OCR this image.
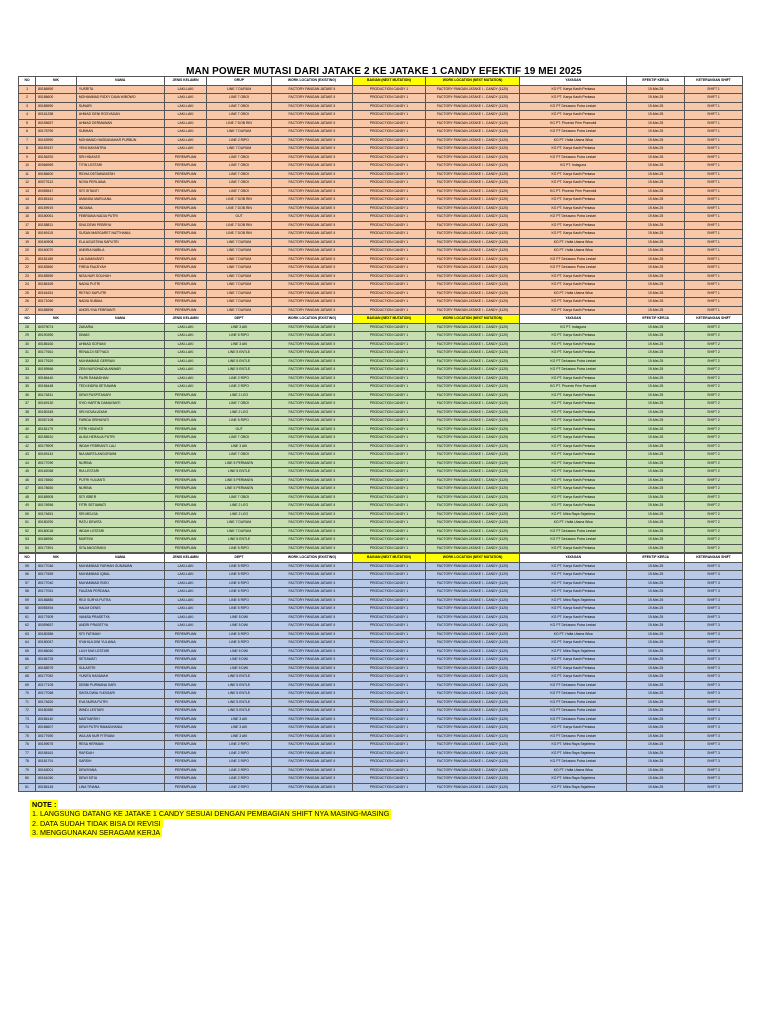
MAN POWER MUTASI DARI JATAKE 2 KE JATAKE 1 CANDY EFEKTIF 19 MEI 2025
NO	NIK	NAMA	JENIS KELAMIN	GRUP	WORK LOCATION (EXISTING)	BAGIAN (NEXT MUTATION)	WORK LOCATION (NEXT MUTATION)	YAYASAN	EFEKTIF KERJA	KETERANGAN SHIFT
1	80186590	YUSRITA	LAKI-LAKI	LINE 7 DURUM	FACTORY PANGAN JATAKE II	PRODUCTION CANDY 1	FACTORY PANGAN JATAKE I - CANDY (1120)	KG PT. Karya Kasih Perkasa	19-Mei-25	SHIFT 1
2	80186600	MOHAMMAD RIZKY DAVA WIBOWO	LAKI-LAKI	LINE 7 OBOI	FACTORY PANGAN JATAKE II	PRODUCTION CANDY 1	FACTORY PANGAN JATAKE I - CANDY (1120)	KG PT. Karya Kasih Perkasa	19-Mei-25	SHIFT 1
3	80186590	SUNARI	LAKI-LAKI	LINE 7 OBOI	FACTORY PANGAN JATAKE II	PRODUCTION CANDY 1	FACTORY PANGAN JATAKE I - CANDY (1120)	KG PT Delusano Putra Lestari	19-Mei-25	SHIFT 1
4	80161258	AHMAD DENI ROSYADAN	LAKI-LAKI	LINE 7 OBOI	FACTORY PANGAN JATAKE II	PRODUCTION CANDY 1	FACTORY PANGAN JATAKE I - CANDY (1120)	KG PT. Karya Kasih Perkasa	19-Mei-25	SHIFT 1
5	80155657	AHMAD DERMAWAN	LAKI-LAKI	LINE 7 DOB RIN	FACTORY PANGAN JATAKE II	PRODUCTION CANDY 1	FACTORY PANGAN JATAKE I - CANDY (1120)	KG PT. Phoenix Prim Pramukti	19-Mei-25	SHIFT 1
6	80178790	SUBHAN	LAKI-LAKI	LINE 7 DURUM	FACTORY PANGAN JATAKE II	PRODUCTION CANDY 1	FACTORY PANGAN JATAKE I - CANDY (1120)	KG PT Delusano Putra Lestari	19-Mei-25	SHIFT 1
7	80153990	MOHAMAD HASBUNAHAR PURBUN	LAKI-LAKI	LINE 2 RIPO	FACTORY PANGAN JATAKE II	PRODUCTION CANDY 1	FACTORY PANGAN JATAKE I - CANDY (1120)	KG PT. Hafia Utama Wisa	19-Mei-25	SHIFT 1
8	80159157	YENI MAYANTRA	LAKI-LAKI	LINE 7 DURUM	FACTORY PANGAN JATAKE II	PRODUCTION CANDY 1	FACTORY PANGAN JATAKE I - CANDY (1120)	KG PT. Karya Kasih Perkasa	19-Mei-25	SHIFT 1
9	80156292	SRI HIDAYATI	PEREMPUAN	LINE 7 OBOI	FACTORY PANGAN JATAKE II	PRODUCTION CANDY 1	FACTORY PANGAN JATAKE I - CANDY (1120)	KG PT Delusano Putra Lestari	19-Mei-25	SHIFT 1
10	80066969	TITIN LESTARI	PEREMPUAN	LINE 7 OBOI	FACTORY PANGAN JATAKE II	PRODUCTION CANDY 1	FACTORY PANGAN JATAKE I - CANDY (1120)	KG PT. Indaguna	19-Mei-25	SHIFT 1
11	80186600	RIDHA DETAWANGSIH	PEREMPUAN	LINE 7 OBOI	FACTORY PANGAN JATAKE II	PRODUCTION CANDY 1	FACTORY PANGAN JATAKE I - CANDY (1120)	KG PT. Karya Kasih Perkasa	19-Mei-25	SHIFT 1
12	80077612	NOVA PERLIANA	PEREMPUAN	LINE 7 OBOI	FACTORY PANGAN JATAKE II	PRODUCTION CANDY 1	FACTORY PANGAN JATAKE I - CANDY (1120)	KG PT. Karya Kasih Perkasa	19-Mei-25	SHIFT 1
13	80055547	SITI SITANTI	PEREMPUAN	LINE 7 OBOI	FACTORY PANGAN JATAKE II	PRODUCTION CANDY 1	FACTORY PANGAN JATAKE I - CANDY (1120)	KG PT. Phoenix Prim Pramukti	19-Mei-25	SHIFT 1
14	80185161	AMANDA MARLIANA	PEREMPUAN	LINE 7 DOB RIN	FACTORY PANGAN JATAKE II	PRODUCTION CANDY 1	FACTORY PANGAN JATAKE I - CANDY (1120)	KG PT. Karya Kasih Perkasa	19-Mei-25	SHIFT 1
15	80159919	INDIANA	PEREMPUAN	LINE 7 DOB RIN	FACTORY PANGAN JATAKE II	PRODUCTION CANDY 1	FACTORY PANGAN JATAKE I - CANDY (1120)	KG PT. Karya Kasih Perkasa	19-Mei-25	SHIFT 1
16	80180061	FEBRIANA NADIA PUTRI	PEREMPUAN	GUT	FACTORY PANGAN JATAKE II	PRODUCTION CANDY 1	FACTORY PANGAN JATAKE I - CANDY (1120)	KG PT Delusano Putra Lestari	19-Mei-25	SHIFT 1
17	80158811	SIVA DEWI PEBRIYA	PEREMPUAN	LINE 7 DOB RIN	FACTORY PANGAN JATAKE II	PRODUCTION CANDY 1	FACTORY PANGAN JATAKE I - CANDY (1120)	KG PT. Karya Kasih Perkasa	19-Mei-25	SHIFT 1
18	80169115	SUSAN MARGARET NATTHANIA	PEREMPUAN	LINE 7 DOB RIN	FACTORY PANGAN JATAKE II	PRODUCTION CANDY 1	FACTORY PANGAN JATAKE I - CANDY (1120)	KG PT. Karya Kasih Perkasa	19-Mei-25	SHIFT 1
19	80160908	ELA AGUSTINA SAPUTRI	PEREMPUAN	LINE 7 DURUM	FACTORY PANGAN JATAKE II	PRODUCTION CANDY 1	FACTORY PANGAN JATAKE I - CANDY (1120)	KG PT. Hafia Utama Wisa	19-Mei-25	SHIFT 1
20	80160070	ANDRIA NABILA	PEREMPUAN	LINE 7 DURUM	FACTORY PANGAN JATAKE II	PRODUCTION CANDY 1	FACTORY PANGAN JATAKE I - CANDY (1120)	KG PT. Hafia Utama Wisa	19-Mei-25	SHIFT 1
21	80181185	LIA DAMAYANTI	PEREMPUAN	LINE 7 DURUM	FACTORY PANGAN JATAKE II	PRODUCTION CANDY 1	FACTORY PANGAN JATAKE I - CANDY (1120)	KG PT Delusano Putra Lestari	19-Mei-25	SHIFT 1
22	80183560	FIRDA FAUZIYAH	PEREMPUAN	LINE 7 DURUM	FACTORY PANGAN JATAKE II	PRODUCTION CANDY 1	FACTORY PANGAN JATAKE I - CANDY (1120)	KG PT Delusano Putra Lestari	19-Mei-25	SHIFT 1
23	80185590	NISA NUR SOLIHAH	PEREMPUAN	LINE 7 DURUM	FACTORY PANGAN JATAKE II	PRODUCTION CANDY 1	FACTORY PANGAN JATAKE I - CANDY (1120)	KG PT. Karya Kasih Perkasa	19-Mei-25	SHIFT 1
24	80186169	NADIA PUTRI	PEREMPUAN	LINE 7 DURUM	FACTORY PANGAN JATAKE II	PRODUCTION CANDY 1	FACTORY PANGAN JATAKE I - CANDY (1120)	KG PT. Karya Kasih Perkasa	19-Mei-25	SHIFT 1
25	80161651	RETNO SAPUTRI	PEREMPUAN	LINE 7 DURUM	FACTORY PANGAN JATAKE II	PRODUCTION CANDY 1	FACTORY PANGAN JATAKE I - CANDY (1120)	KG PT. Hafia Utama Wisa	19-Mei-25	SHIFT 1
26	80171060	NADIA SUBAIA	PEREMPUAN	LINE 7 DURUM	FACTORY PANGAN JATAKE II	PRODUCTION CANDY 1	FACTORY PANGAN JATAKE I - CANDY (1120)	KG PT. Karya Kasih Perkasa	19-Mei-25	SHIFT 1
27	80186596	ANGELYNA FEBRIANTI	PEREMPUAN	LINE 7 DURUM	FACTORY PANGAN JATAKE II	PRODUCTION CANDY 1	FACTORY PANGAN JATAKE I - CANDY (1120)	KG PT. Karya Kasih Perkasa	19-Mei-25	SHIFT 1
NO	NIK	NAMA	JENIS KELAMIN	DEPT	WORK LOCATION (EXISTING)	BAGIAN (NEXT MUTATION)	WORK LOCATION (NEXT MUTATION)	YAYASAN	EFEKTIF KERJA	KETERANGAN SHIFT
28	80079074	ZAKARIA	LAKI-LAKI	LINE 3 AKI	FACTORY PANGAN JATAKE II	PRODUCTION CANDY 1	FACTORY PANGAN JATAKE I - CANDY (1120)	KG PT. Indaguna	19-Mei-25	SHIFT 2
29	80190390	DIMAS	LAKI-LAKI	LINE 5 RIPO	FACTORY PANGAN JATAKE II	PRODUCTION CANDY 1	FACTORY PANGAN JATAKE I - CANDY (1120)	KG PT. Karya Kasih Perkasa	19-Mei-25	SHIFT 2
30	80186160	AHMAD SOFIANI	LAKI-LAKI	LINE 3 AKI	FACTORY PANGAN JATAKE II	PRODUCTION CANDY 1	FACTORY PANGAN JATAKE I - CANDY (1120)	KG PT. Karya Kasih Perkasa	19-Mei-25	SHIFT 2
31	80177661	RENALDI SETYADI	LAKI-LAKI	LINE 5 ENTLE	FACTORY PANGAN JATAKE II	PRODUCTION CANDY 1	FACTORY PANGAN JATAKE I - CANDY (1120)	KG PT. Karya Kasih Perkasa	19-Mei-25	SHIFT 2
32	80177620	MUHAMMAD GERRAN	LAKI-LAKI	LINE 5 ENTLE	FACTORY PANGAN JATAKE II	PRODUCTION CANDY 1	FACTORY PANGAN JATAKE I - CANDY (1120)	KG PT Delusano Putra Lestari	19-Mei-25	SHIFT 2
33	80159566	ZEIN NUROHADIA ANWAR	LAKI-LAKI	LINE 5 ENTLE	FACTORY PANGAN JATAKE II	PRODUCTION CANDY 1	FACTORY PANGAN JATAKE I - CANDY (1120)	KG PT Delusano Putra Lestari	19-Mei-25	SHIFT 2
34	80186440	FAJRI RAMADHAN	LAKI-LAKI	LINE 2 RIPO	FACTORY PANGAN JATAKE II	PRODUCTION CANDY 1	FACTORY PANGAN JATAKE I - CANDY (1120)	KG PT. Karya Kasih Perkasa	19-Mei-25	SHIFT 2
35	80156448	TEDI INDRA SETIAWAN	LAKI-LAKI	LINE 2 RIPO	FACTORY PANGAN JATAKE II	PRODUCTION CANDY 1	FACTORY PANGAN JATAKE I - CANDY (1120)	KG PT. Phoenix Prim Pramukti	19-Mei-25	SHIFT 2
36	80174811	DEWI PUSPITASARI	PEREMPUAN	LINE 2 LEO	FACTORY PANGAN JATAKE II	PRODUCTION CANDY 1	FACTORY PANGAN JATAKE I - CANDY (1120)	KG PT. Karya Kasih Perkasa	19-Mei-25	SHIFT 2
37	80169130	SYID HARTIN DAMAYANTI	PEREMPUAN	LINE 7 OBOI	FACTORY PANGAN JATAKE II	PRODUCTION CANDY 1	FACTORY PANGAN JATAKE I - CANDY (1120)	KG PT. Karya Kasih Perkasa	19-Mei-25	SHIFT 2
38	80180345	SRI NOVALUDIAH	PEREMPUAN	LINE 2 LEO	FACTORY PANGAN JATAKE II	PRODUCTION CANDY 1	FACTORY PANGAN JATAKE I - CANDY (1120)	KG PT. Karya Kasih Perkasa	19-Mei-25	SHIFT 2
39	80057108	FARIDA SRIHAYATI	PEREMPUAN	LINE 5 RIPO	FACTORY PANGAN JATAKE II	PRODUCTION CANDY 1	FACTORY PANGAN JATAKE I - CANDY (1120)	KG PT. Karya Kasih Perkasa	19-Mei-25	SHIFT 2
40	80181179	FITRI HIDAYATI	PEREMPUAN	GUT	FACTORY PANGAN JATAKE II	PRODUCTION CANDY 1	FACTORY PANGAN JATAKE I - CANDY (1120)	KG PT. Karya Kasih Perkasa	19-Mei-25	SHIFT 2
41	80158510	ALIKA HERALIA PUTRI	PEREMPUAN	LINE 7 OBOI	FACTORY PANGAN JATAKE II	PRODUCTION CANDY 1	FACTORY PANGAN JATAKE I - CANDY (1120)	KG PT. Karya Kasih Perkasa	19-Mei-25	SHIFT 2
42	80179909	INDAH FEBRIANTI LAU	PEREMPUAN	LINE 3 AKI	FACTORY PANGAN JATAKE II	PRODUCTION CANDY 1	FACTORY PANGAN JATAKE I - CANDY (1120)	KG PT. Karya Kasih Perkasa	19-Mei-25	SHIFT 2
43	80169142	NIA MARTA ANGGRAINI	PEREMPUAN	LINE 7 OBOI	FACTORY PANGAN JATAKE II	PRODUCTION CANDY 1	FACTORY PANGAN JATAKE I - CANDY (1120)	KG PT. Karya Kasih Perkasa	19-Mei-25	SHIFT 2
44	80177090	NURINA	PEREMPUAN	LINE 5 PERMAEN	FACTORY PANGAN JATAKE II	PRODUCTION CANDY 1	FACTORY PANGAN JATAKE I - CANDY (1120)	KG PT. Karya Kasih Perkasa	19-Mei-25	SHIFT 2
45	80162068	RIA LESTARI	PEREMPUAN	LINE 5 ENTLE	FACTORY PANGAN JATAKE II	PRODUCTION CANDY 1	FACTORY PANGAN JATAKE I - CANDY (1120)	KG PT. Karya Kasih Perkasa	19-Mei-25	SHIFT 2
46	80176560	PUTRI YULIANTI	PEREMPUAN	LINE 5 PERMAEN	FACTORY PANGAN JATAKE II	PRODUCTION CANDY 1	FACTORY PANGAN JATAKE I - CANDY (1120)	KG PT. Karya Kasih Perkasa	19-Mei-25	SHIFT 2
47	80178650	NURINA	PEREMPUAN	LINE 5 PERMAEN	FACTORY PANGAN JATAKE II	PRODUCTION CANDY 1	FACTORY PANGAN JATAKE I - CANDY (1120)	KG PT. Karya Kasih Perkasa	19-Mei-25	SHIFT 2
48	80185905	SITI ISBER	PEREMPUAN	LINE 7 OBOI	FACTORY PANGAN JATAKE II	PRODUCTION CANDY 1	FACTORY PANGAN JATAKE I - CANDY (1120)	KG PT. Karya Kasih Perkasa	19-Mei-25	SHIFT 2
49	80176956	FITRI SETIAWATI	PEREMPUAN	LINE 2 LEO	FACTORY PANGAN JATAKE II	PRODUCTION CANDY 1	FACTORY PANGAN JATAKE I - CANDY (1120)	KG PT. Karya Kasih Perkasa	19-Mei-25	SHIFT 2
50	80174651	SRI MELISA	PEREMPUAN	LINE 2 LEO	FACTORY PANGAN JATAKE II	PRODUCTION CANDY 1	FACTORY PANGAN JATAKE I - CANDY (1120)	KG PT. Mitra Raya Sejahtera	19-Mei-25	SHIFT 2
51	80180290	RATU DEWITA	PEREMPUAN	LINE 7 DURUM	FACTORY PANGAN JATAKE II	PRODUCTION CANDY 1	FACTORY PANGAN JATAKE I - CANDY (1120)	KG PT. Hafia Utama Wisa	19-Mei-25	SHIFT 2
52	80180018	INDAH LESTARI	PEREMPUAN	LINE 7 DURUM	FACTORY PANGAN JATAKE II	PRODUCTION CANDY 1	FACTORY PANGAN JATAKE I - CANDY (1120)	KG PT Delusano Putra Lestari	19-Mei-25	SHIFT 2
53	80186950	MURTINI	PEREMPUAN	LINE 5 ENTLE	FACTORY PANGAN JATAKE II	PRODUCTION CANDY 1	FACTORY PANGAN JATAKE I - CANDY (1120)	KG PT Delusano Putra Lestari	19-Mei-25	SHIFT 2
54	80177891	SITA ANGGRAINI	PEREMPUAN	LINE 5 RIPO	FACTORY PANGAN JATAKE II	PRODUCTION CANDY 1	FACTORY PANGAN JATAKE I - CANDY (1120)	KG PT. Karya Kasih Perkasa	19-Mei-25	SHIFT 2
NO	NIK	NAMA	JENIS KELAMIN	DEPT	WORK LOCATION (EXISTING)	BAGIAN (NEXT MUTATION)	WORK LOCATION (NEXT MUTATION)	YAYASAN	EFEKTIF KERJA	KETERANGAN SHIFT
55	80177046	MUHAMMAD FARHAN GUNAWAN	LAKI-LAKI	LINE 5 RIPO	FACTORY PANGAN JATAKE II	PRODUCTION CANDY 1	FACTORY PANGAN JATAKE I - CANDY (1120)	KG PT. Karya Kasih Perkasa	19-Mei-25	SHIFT 3
56	80177659	MUHAMMAD IQBAL	LAKI-LAKI	LINE 5 RIPO	FACTORY PANGAN JATAKE II	PRODUCTION CANDY 1	FACTORY PANGAN JATAKE I - CANDY (1120)	KG PT. Karya Kasih Perkasa	19-Mei-25	SHIFT 3
57	80177040	MUHAMMAD RIZKI	LAKI-LAKI	LINE 5 RIPO	FACTORY PANGAN JATAKE II	PRODUCTION CANDY 1	FACTORY PANGAN JATAKE I - CANDY (1120)	KG PT. Karya Kasih Perkasa	19-Mei-25	SHIFT 3
58	80177051	FAUZAN PERDANA	LAKI-LAKI	LINE 5 RIPO	FACTORY PANGAN JATAKE II	PRODUCTION CANDY 1	FACTORY PANGAN JATAKE I - CANDY (1120)	KG PT. Karya Kasih Perkasa	19-Mei-25	SHIFT 3
59	80186880	REJI SURYA PUTRA	LAKI-LAKI	LINE 5 RIPO	FACTORY PANGAN JATAKE II	PRODUCTION CANDY 1	FACTORY PANGAN JATAKE I - CANDY (1120)	KG PT. Mitra Raya Sejahtera	19-Mei-25	SHIFT 3
60	80055394	HALIM DENIS	LAKI-LAKI	LINE 5 RIPO	FACTORY PANGAN JATAKE II	PRODUCTION CANDY 1	FACTORY PANGAN JATAKE I - CANDY (1120)	KG PT. Karya Kasih Perkasa	19-Mei-25	SHIFT 3
61	80177609	VANISA PRASETYA	LAKI-LAKI	LINE 5 DWI	FACTORY PANGAN JATAKE II	PRODUCTION CANDY 1	FACTORY PANGAN JATAKE I - CANDY (1120)	KG PT. Karya Kasih Perkasa	19-Mei-25	SHIFT 3
62	80059657	ANDRI PRASETYA	LAKI-LAKI	LINE 5 DWI	FACTORY PANGAN JATAKE II	PRODUCTION CANDY 1	FACTORY PANGAN JATAKE I - CANDY (1120)	KG PT Delusano Putra Lestari	19-Mei-25	SHIFT 3
63	80180386	SITI FATIMAH	PEREMPUAN	LINE 5 RIPO	FACTORY PANGAN JATAKE II	PRODUCTION CANDY 1	FACTORY PANGAN JATAKE I - CANDY (1120)	KG PT. Hafia Utama Wisa	19-Mei-25	SHIFT 3
64	80180067	SYAHILA DWI YULIANA	PEREMPUAN	LINE 5 RIPO	FACTORY PANGAN JATAKE II	PRODUCTION CANDY 1	FACTORY PANGAN JATAKE I - CANDY (1120)	KG PT. Karya Kasih Perkasa	19-Mei-25	SHIFT 3
65	80186060	LILIH DWI LESTARI	PEREMPUAN	LINE 5 DWI	FACTORY PANGAN JATAKE II	PRODUCTION CANDY 1	FACTORY PANGAN JATAKE I - CANDY (1120)	KG PT. Mitra Raya Sejahtera	19-Mei-25	SHIFT 3
66	80186725	SETIAWATI	PEREMPUAN	LINE 5 DWI	FACTORY PANGAN JATAKE II	PRODUCTION CANDY 1	FACTORY PANGAN JATAKE I - CANDY (1120)	KG PT. Karya Kasih Perkasa	19-Mei-25	SHIFT 3
67	80158979	SULASTRI	PEREMPUAN	LINE 5 DWI	FACTORY PANGAN JATAKE II	PRODUCTION CANDY 1	FACTORY PANGAN JATAKE I - CANDY (1120)	KG PT. Karya Kasih Perkasa	19-Mei-25	SHIFT 3
68	80177062	YUNITA HASANAH	PEREMPUAN	LINE 5 ENTLE	FACTORY PANGAN JATAKE II	PRODUCTION CANDY 1	FACTORY PANGAN JATAKE I - CANDY (1120)	KG PT. Karya Kasih Perkasa	19-Mei-25	SHIFT 3
69	80177105	DEBBI PURWANA SARI	PEREMPUAN	LINE 5 ENTLE	FACTORY PANGAN JATAKE II	PRODUCTION CANDY 1	FACTORY PANGAN JATAKE I - CANDY (1120)	KG PT Delusano Putra Lestari	19-Mei-25	SHIFT 3
70	80177068	SINTA DWIA YUDISARI	PEREMPUAN	LINE 5 ENTLE	FACTORY PANGAN JATAKE II	PRODUCTION CANDY 1	FACTORY PANGAN JATAKE I - CANDY (1120)	KG PT Delusano Putra Lestari	19-Mei-25	SHIFT 3
71	80174620	EVA NURIA PUTRI	PEREMPUAN	LINE 5 ENTLE	FACTORY PANGAN JATAKE II	PRODUCTION CANDY 1	FACTORY PANGAN JATAKE I - CANDY (1120)	KG PT Delusano Putra Lestari	19-Mei-25	SHIFT 3
72	80180380	WINDI LESTARI	PEREMPUAN	LINE 5 ENTLE	FACTORY PANGAN JATAKE II	PRODUCTION CANDY 1	FACTORY PANGAN JATAKE I - CANDY (1120)	KG PT Delusano Putra Lestari	19-Mei-25	SHIFT 3
73	80186140	MASTIARSIH	PEREMPUAN	LINE 3 AKI	FACTORY PANGAN JATAKE II	PRODUCTION CANDY 1	FACTORY PANGAN JATAKE I - CANDY (1120)	KG PT Delusano Putra Lestari	19-Mei-25	SHIFT 3
74	80186607	DEWI PUTRI RAMADHANIA	PEREMPUAN	LINE 3 AKI	FACTORY PANGAN JATAKE II	PRODUCTION CANDY 1	FACTORY PANGAN JATAKE I - CANDY (1120)	KG PT. Karya Kasih Perkasa	19-Mei-25	SHIFT 3
75	80177690	WULAN NUR FITRIANI	PEREMPUAN	LINE 3 AKI	FACTORY PANGAN JATAKE II	PRODUCTION CANDY 1	FACTORY PANGAN JATAKE I - CANDY (1120)	KG PT Delusano Putra Lestari	19-Mei-25	SHIFT 3
76	80159675	RESA HERMAN	PEREMPUAN	LINE 2 RIPO	FACTORY PANGAN JATAKE II	PRODUCTION CANDY 1	FACTORY PANGAN JATAKE I - CANDY (1120)	KG PT. Mitra Raya Sejahtera	19-Mei-25	SHIFT 3
77	80158161	RAFIDAH	PEREMPUAN	LINE 2 RIPO	FACTORY PANGAN JATAKE II	PRODUCTION CANDY 1	FACTORY PANGAN JATAKE I - CANDY (1120)	KG PT. Mitra Raya Sejahtera	19-Mei-25	SHIFT 3
78	80181791	SARSIH	PEREMPUAN	LINE 2 RIPO	FACTORY PANGAN JATAKE II	PRODUCTION CANDY 1	FACTORY PANGAN JATAKE I - CANDY (1120)	KG PT Delusano Putra Lestari	19-Mei-25	SHIFT 3
79	80163001	DEWIYANA	PEREMPUAN	LINE 2 RIPO	FACTORY PANGAN JATAKE II	PRODUCTION CANDY 1	FACTORY PANGAN JATAKE I - CANDY (1120)	KG PT. Hafia Utama Wisa	19-Mei-25	SHIFT 3
80	80161060	DEWI SITIA	PEREMPUAN	LINE 2 RIPO	FACTORY PANGAN JATAKE II	PRODUCTION CANDY 1	FACTORY PANGAN JATAKE I - CANDY (1120)	KG PT. Mitra Raya Sejahtera	19-Mei-25	SHIFT 3
81	80186145	LINA TRIANA	PEREMPUAN	LINE 2 RIPO	FACTORY PANGAN JATAKE II	PRODUCTION CANDY 1	FACTORY PANGAN JATAKE I - CANDY (1120)	KG PT. Mitra Raya Sejahtera	19-Mei-25	SHIFT 3
NOTE :
1. LANGSUNG DATANG KE JATAKE 1 CANDY SESUAI DENGAN PEMBAGIAN SHIFT NYA MASING-MASING
2. DATA SUDAH TIDAK BISA DI REVISI
3. MENGGUNAKAN SERAGAM KERJA
